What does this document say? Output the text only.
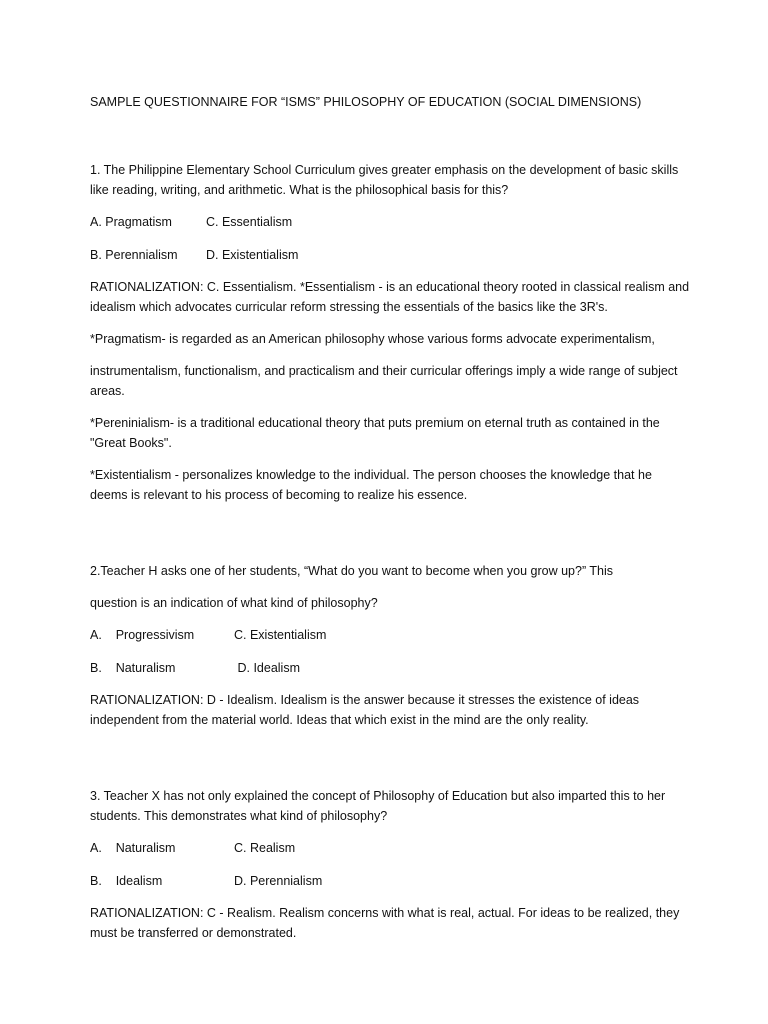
SAMPLE QUESTIONNAIRE FOR “ISMS” PHILOSOPHY OF EDUCATION (SOCIAL DIMENSIONS)

1. The Philippine Elementary School Curriculum gives greater emphasis on the development of basic skills like reading, writing, and arithmetic. What is the philosophical basis for this?

A. Pragmatism	C. Essentialism
B. Perennialism	D. Existentialism

RATIONALIZATION: C. Essentialism. *Essentialism - is an educational theory rooted in classical realism and idealism which advocates curricular reform stressing the essentials of the basics like the 3R's.

*Pragmatism- is regarded as an American philosophy whose various forms advocate experimentalism,

instrumentalism, functionalism, and practicalism and their curricular offerings imply a wide range of subject areas.

*Pereninialism- is a traditional educational theory that puts premium on eternal truth as contained in the "Great Books".

*Existentialism - personalizes knowledge to the individual. The person chooses the knowledge that he deems is relevant to his process of becoming to realize his essence.

2.Teacher H asks one of her students, “What do you want to become when you grow up?” This

question is an indication of what kind of philosophy?

A.    Progressivism	C. Existentialism
B.    Naturalism	D. Idealism

RATIONALIZATION: D - Idealism. Idealism is the answer because it stresses the existence of ideas independent from the material world. Ideas that which exist in the mind are the only reality.

3. Teacher X has not only explained the concept of Philosophy of Education but also imparted this to her students. This demonstrates what kind of philosophy?

A.    Naturalism	C. Realism
B.    Idealism	D. Perennialism

RATIONALIZATION: C - Realism. Realism concerns with what is real, actual. For ideas to be realized, they must be transferred or demonstrated.
